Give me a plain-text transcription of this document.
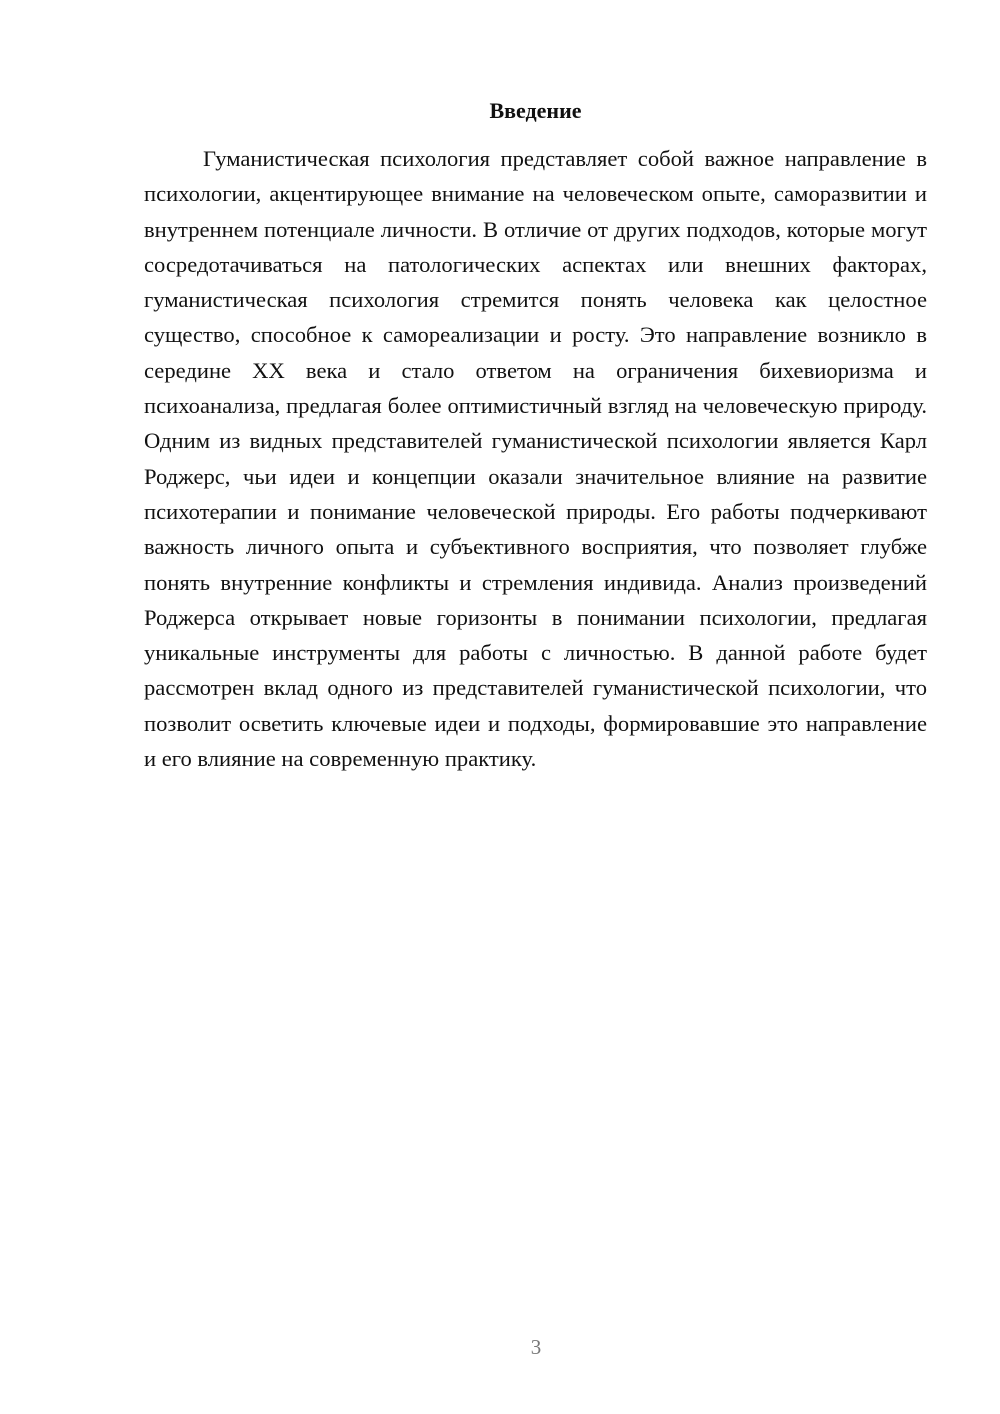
Введение

Гуманистическая психология представляет собой важное направление в психологии, акцентирующее внимание на человеческом опыте, саморазвитии и внутреннем потенциале личности. В отличие от других подходов, которые могут сосредотачиваться на патологических аспектах или внешних факторах, гуманистическая психология стремится понять человека как целостное существо, способное к самореализации и росту. Это направление возникло в середине XX века и стало ответом на ограничения бихевиоризма и психоанализа, предлагая более оптимистичный взгляд на человеческую природу. Одним из видных представителей гуманистической психологии является Карл Роджерс, чьи идеи и концепции оказали значительное влияние на развитие психотерапии и понимание человеческой природы. Его работы подчеркивают важность личного опыта и субъективного восприятия, что позволяет глубже понять внутренние конфликты и стремления индивида. Анализ произведений Роджерса открывает новые горизонты в понимании психологии, предлагая уникальные инструменты для работы с личностью. В данной работе будет рассмотрен вклад одного из представителей гуманистической психологии, что позволит осветить ключевые идеи и подходы, формировавшие это направление и его влияние на современную практику.

3
